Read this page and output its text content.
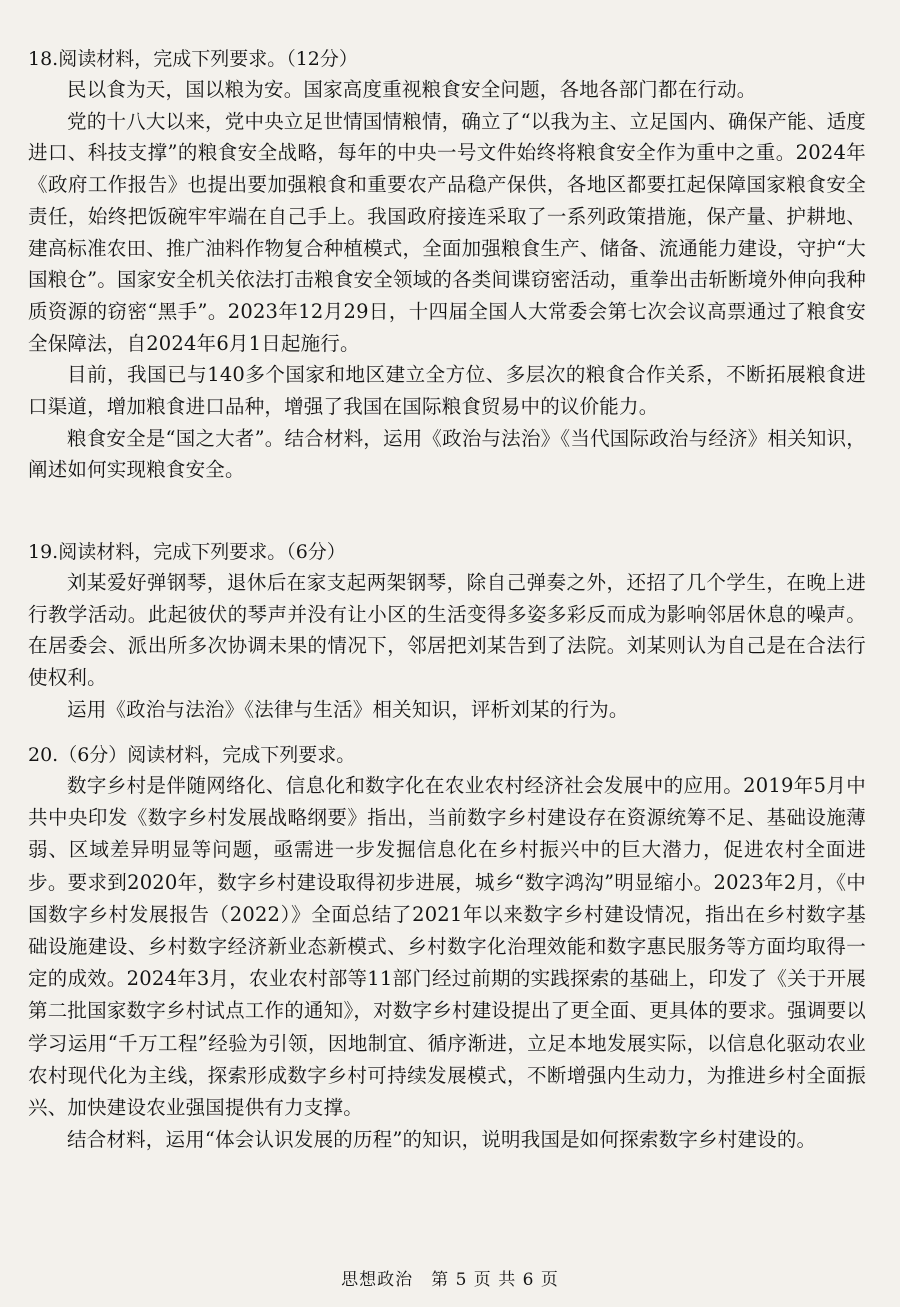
18.阅读材料，完成下列要求。（12分）

民以食为天，国以粮为安。国家高度重视粮食安全问题，各地各部门都在行动。

党的十八大以来，党中央立足世情国情粮情，确立了“以我为主、立足国内、确保产能、适度进口、科技支撑”的粮食安全战略，每年的中央一号文件始终将粮食安全作为重中之重。2024年《政府工作报告》也提出要加强粮食和重要农产品稳产保供，各地区都要扛起保障国家粮食安全责任，始终把饭碗牢牢端在自己手上。我国政府接连采取了一系列政策措施，保产量、护耕地、建高标准农田、推广油料作物复合种植模式，全面加强粮食生产、储备、流通能力建设，守护“大国粮仓”。国家安全机关依法打击粮食安全领域的各类间谍窃密活动，重拳出击斩断境外伸向我种质资源的窃密“黑手”。2023年12月29日，十四届全国人大常委会第七次会议高票通过了粮食安全保障法，自2024年6月1日起施行。

目前，我国已与140多个国家和地区建立全方位、多层次的粮食合作关系，不断拓展粮食进口渠道，增加粮食进口品种，增强了我国在国际粮食贸易中的议价能力。

粮食安全是“国之大者”。结合材料，运用《政治与法治》《当代国际政治与经济》相关知识，阐述如何实现粮食安全。

19.阅读材料，完成下列要求。（6分）

刘某爱好弹钢琴，退休后在家支起两架钢琴，除自己弹奏之外，还招了几个学生，在晚上进行教学活动。此起彼伏的琴声并没有让小区的生活变得多姿多彩反而成为影响邻居休息的噪声。在居委会、派出所多次协调未果的情况下，邻居把刘某告到了法院。刘某则认为自己是在合法行使权利。

运用《政治与法治》《法律与生活》相关知识，评析刘某的行为。

20.（6分）阅读材料，完成下列要求。

数字乡村是伴随网络化、信息化和数字化在农业农村经济社会发展中的应用。2019年5月中共中央印发《数字乡村发展战略纲要》指出，当前数字乡村建设存在资源统筹不足、基础设施薄弱、区域差异明显等问题，亟需进一步发掘信息化在乡村振兴中的巨大潜力，促进农村全面进步。要求到2020年，数字乡村建设取得初步进展，城乡“数字鸿沟”明显缩小。2023年2月，《中国数字乡村发展报告（2022）》全面总结了2021年以来数字乡村建设情况，指出在乡村数字基础设施建设、乡村数字经济新业态新模式、乡村数字化治理效能和数字惠民服务等方面均取得一定的成效。2024年3月，农业农村部等11部门经过前期的实践探索的基础上，印发了《关于开展第二批国家数字乡村试点工作的通知》，对数字乡村建设提出了更全面、更具体的要求。强调要以学习运用“千万工程”经验为引领，因地制宜、循序渐进，立足本地发展实际，以信息化驱动农业农村现代化为主线，探索形成数字乡村可持续发展模式，不断增强内生动力，为推进乡村全面振兴、加快建设农业强国提供有力支撑。

结合材料，运用“体会认识发展的历程”的知识，说明我国是如何探索数字乡村建设的。

思想政治　第 5 页 共 6 页
